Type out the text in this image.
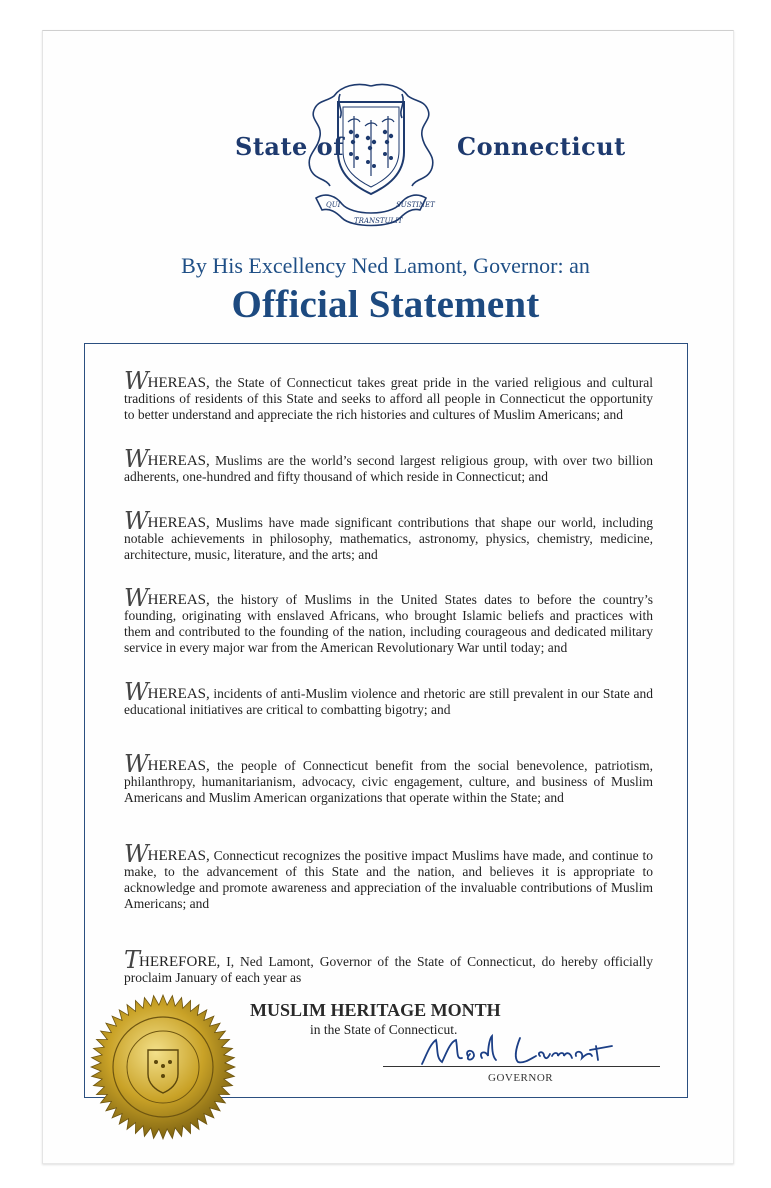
State of	Connecticut
QUI
TRANSTULIT
SUSTINET
By His Excellency Ned Lamont, Governor: an
Official Statement

WHEREAS, the State of Connecticut takes great pride in the varied religious and cultural traditions of residents of this State and seeks to afford all people in Connecticut the opportunity to better understand and appreciate the rich histories and cultures of Muslim Americans; and

WHEREAS, Muslims are the world’s second largest religious group, with over two billion adherents, one-hundred and fifty thousand of which reside in Connecticut; and

WHEREAS, Muslims have made significant contributions that shape our world, including notable achievements in philosophy, mathematics, astronomy, physics, chemistry, medicine, architecture, music, literature, and the arts; and

WHEREAS, the history of Muslims in the United States dates to before the country’s founding, originating with enslaved Africans, who brought Islamic beliefs and practices with them and contributed to the founding of the nation, including courageous and dedicated military service in every major war from the American Revolutionary War until today; and

WHEREAS, incidents of anti-Muslim violence and rhetoric are still prevalent in our State and educational initiatives are critical to combatting bigotry; and

WHEREAS, the people of Connecticut benefit from the social benevolence, patriotism, philanthropy, humanitarianism, advocacy, civic engagement, culture, and business of Muslim Americans and Muslim American organizations that operate within the State; and

WHEREAS, Connecticut recognizes the positive impact Muslims have made, and continue to make, to the advancement of this State and the nation, and believes it is appropriate to acknowledge and promote awareness and appreciation of the invaluable contributions of Muslim Americans; and

THEREFORE, I, Ned Lamont, Governor of the State of Connecticut, do hereby officially proclaim January of each year as

MUSLIM HERITAGE MONTH
in the State of Connecticut.
GOVERNOR
